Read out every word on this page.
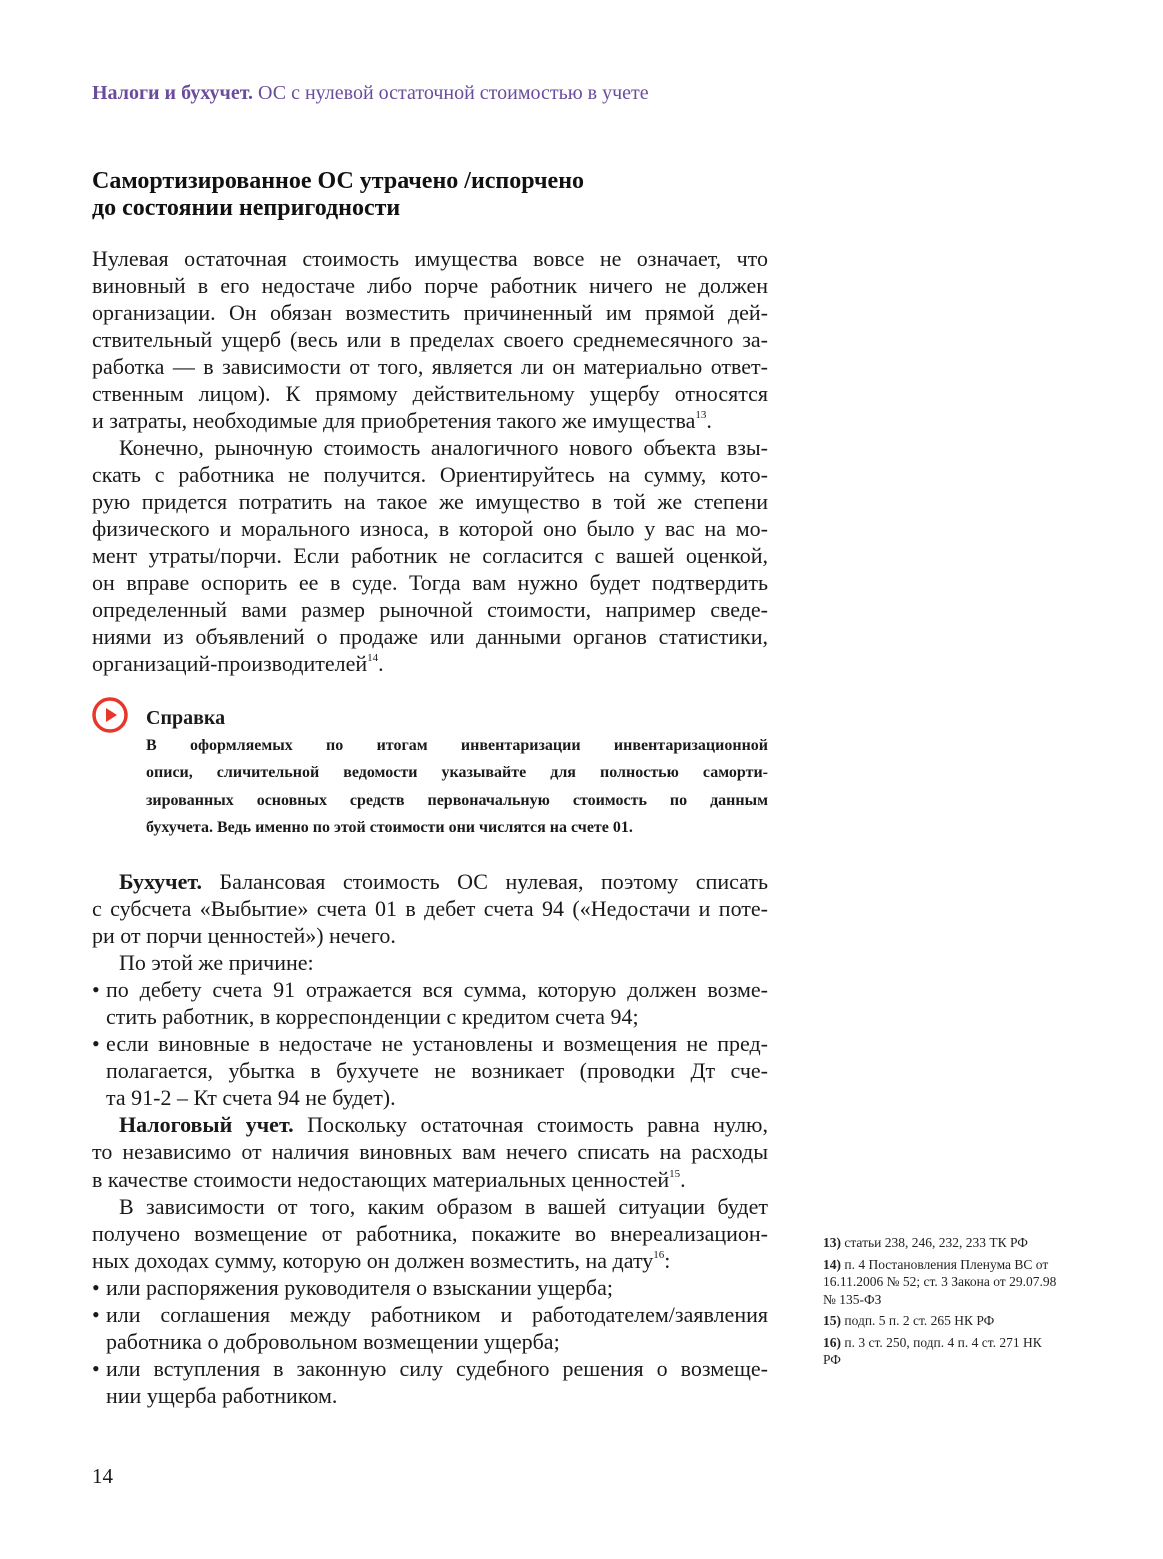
Налоги и бухучет. ОС с нулевой остаточной стоимостью в учете
Самортизированное ОС утрачено /испорчено
до состоянии непригодности
Нулевая остаточная стоимость имущества вовсе не означает, что
виновный в его недостаче либо порче работник ничего не должен
организации. Он обязан возместить причиненный им прямой дей-
ствительный ущерб (весь или в пределах своего среднемесячного за-
работка — в зависимости от того, является ли он материально ответ-
ственным лицом). К прямому действительному ущербу относятся
и затраты, необходимые для приобретения такого же имущества$^{13}$.
Конечно, рыночную стоимость аналогичного нового объекта взы-
скать с работника не получится. Ориентируйтесь на сумму, кото-
рую придется потратить на такое же имущество в той же степени
физического и морального износа, в которой оно было у вас на мо-
мент утраты/порчи. Если работник не согласится с вашей оценкой,
он вправе оспорить ее в суде. Тогда вам нужно будет подтвердить
определенный вами размер рыночной стоимости, например сведе-
ниями из объявлений о продаже или данными органов статистики,
организаций-производителей$^{14}$.
Справка
В оформляемых по итогам инвентаризации инвентаризационной
описи, сличительной ведомости указывайте для полностью саморти-
зированных основных средств первоначальную стоимость по данным
бухучета. Ведь именно по этой стоимости они числятся на счете 01.
Бухучет. Балансовая стоимость ОС нулевая, поэтому списать
с субсчета «Выбытие» счета 01 в дебет счета 94 («Недостачи и поте-
ри от порчи ценностей») нечего.
По этой же причине:
• по дебету счета 91 отражается вся сумма, которую должен возме-
стить работник, в корреспонденции с кредитом счета 94;
• если виновные в недостаче не установлены и возмещения не пред-
полагается, убытка в бухучете не возникает (проводки Дт сче-
та 91-2 – Кт счета 94 не будет).
Налоговый учет. Поскольку остаточная стоимость равна нулю,
то независимо от наличия виновных вам нечего списать на расходы
в качестве стоимости недостающих материальных ценностей$^{15}$.
В зависимости от того, каким образом в вашей ситуации будет
получено возмещение от работника, покажите во внереализацион-
ных доходах сумму, которую он должен возместить, на дату$^{16}$:
• или распоряжения руководителя о взыскании ущерба;
• или соглашения между работником и работодателем/заявления
работника о добровольном возмещении ущерба;
• или вступления в законную силу судебного решения о возмеще-
нии ущерба работником.
13) статьи 238, 246, 232, 233 ТК РФ
14) п. 4 Постановления Пленума ВС от 16.11.2006 № 52; ст. 3 Закона от 29.07.98 № 135-ФЗ
15) подп. 5 п. 2 ст. 265 НК РФ
16) п. 3 ст. 250, подп. 4 п. 4 ст. 271 НК РФ
14
